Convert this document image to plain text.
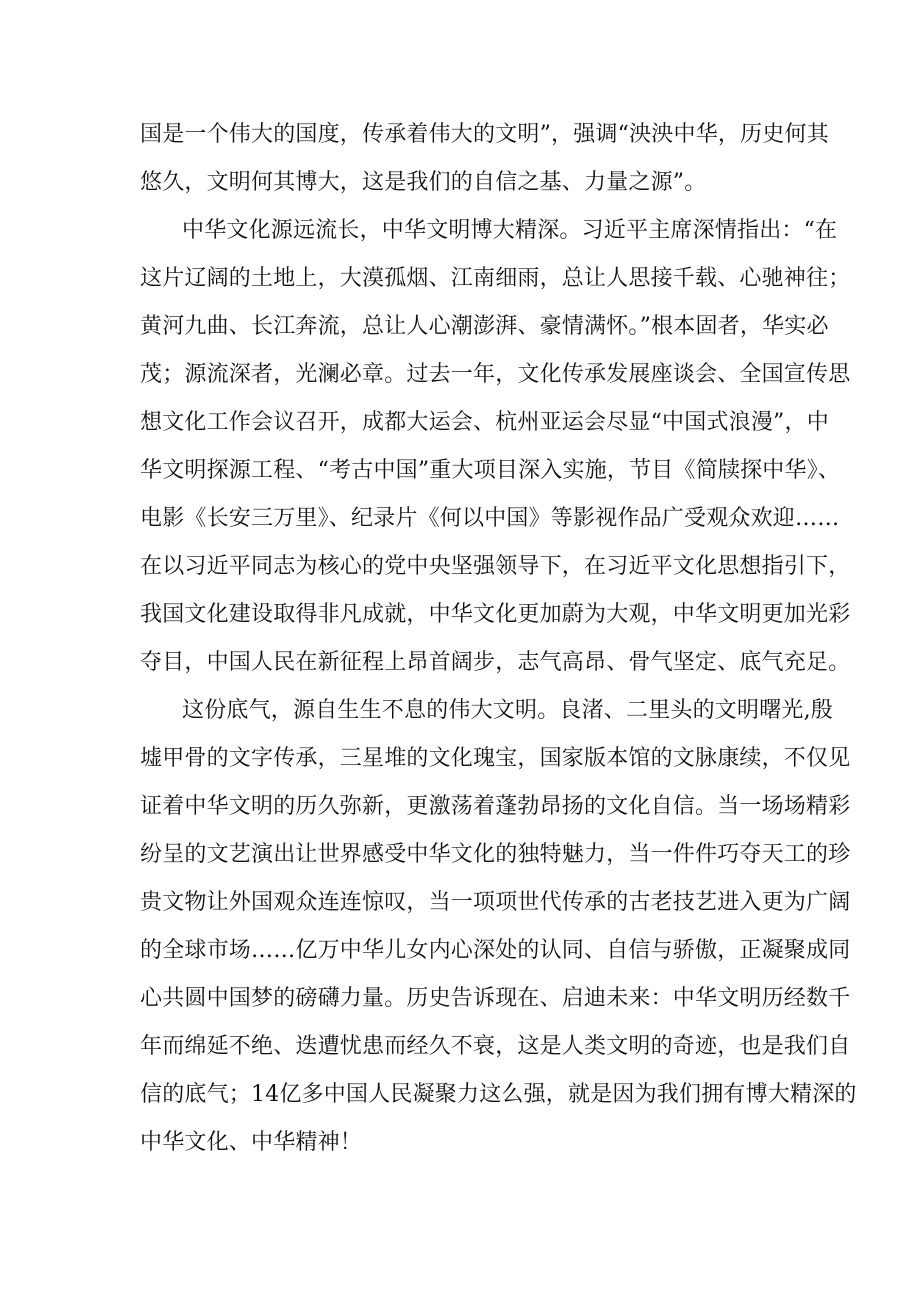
国是一个伟大的国度，传承着伟大的文明”，强调“泱泱中华，历史何其
悠久，文明何其博大，这是我们的自信之基、力量之源”。
中华文化源远流长，中华文明博大精深。习近平主席深情指出：“在
这片辽阔的土地上，大漠孤烟、江南细雨，总让人思接千载、心驰神往；
黄河九曲、长江奔流，总让人心潮澎湃、豪情满怀。”根本固者，华实必
茂；源流深者，光澜必章。过去一年，文化传承发展座谈会、全国宣传思
想文化工作会议召开，成都大运会、杭州亚运会尽显“中国式浪漫”，中
华文明探源工程、“考古中国”重大项目深入实施，节目《简牍探中华》、
电影《长安三万里》、纪录片《何以中国》等影视作品广受观众欢迎……
在以习近平同志为核心的党中央坚强领导下，在习近平文化思想指引下，
我国文化建设取得非凡成就，中华文化更加蔚为大观，中华文明更加光彩
夺目，中国人民在新征程上昂首阔步，志气高昂、骨气坚定、底气充足。
这份底气，源自生生不息的伟大文明。良渚、二里头的文明曙光,殷
墟甲骨的文字传承，三星堆的文化瑰宝，国家版本馆的文脉康续，不仅见
证着中华文明的历久弥新，更激荡着蓬勃昂扬的文化自信。当一场场精彩
纷呈的文艺演出让世界感受中华文化的独特魅力，当一件件巧夺天工的珍
贵文物让外国观众连连惊叹，当一项项世代传承的古老技艺进入更为广阔
的全球市场……亿万中华儿女内心深处的认同、自信与骄傲，正凝聚成同
心共圆中国梦的磅礴力量。历史告诉现在、启迪未来：中华文明历经数千
年而绵延不绝、迭遭忧患而经久不衰，这是人类文明的奇迹，也是我们自
信的底气；14亿多中国人民凝聚力这么强，就是因为我们拥有博大精深的
中华文化、中华精神！
